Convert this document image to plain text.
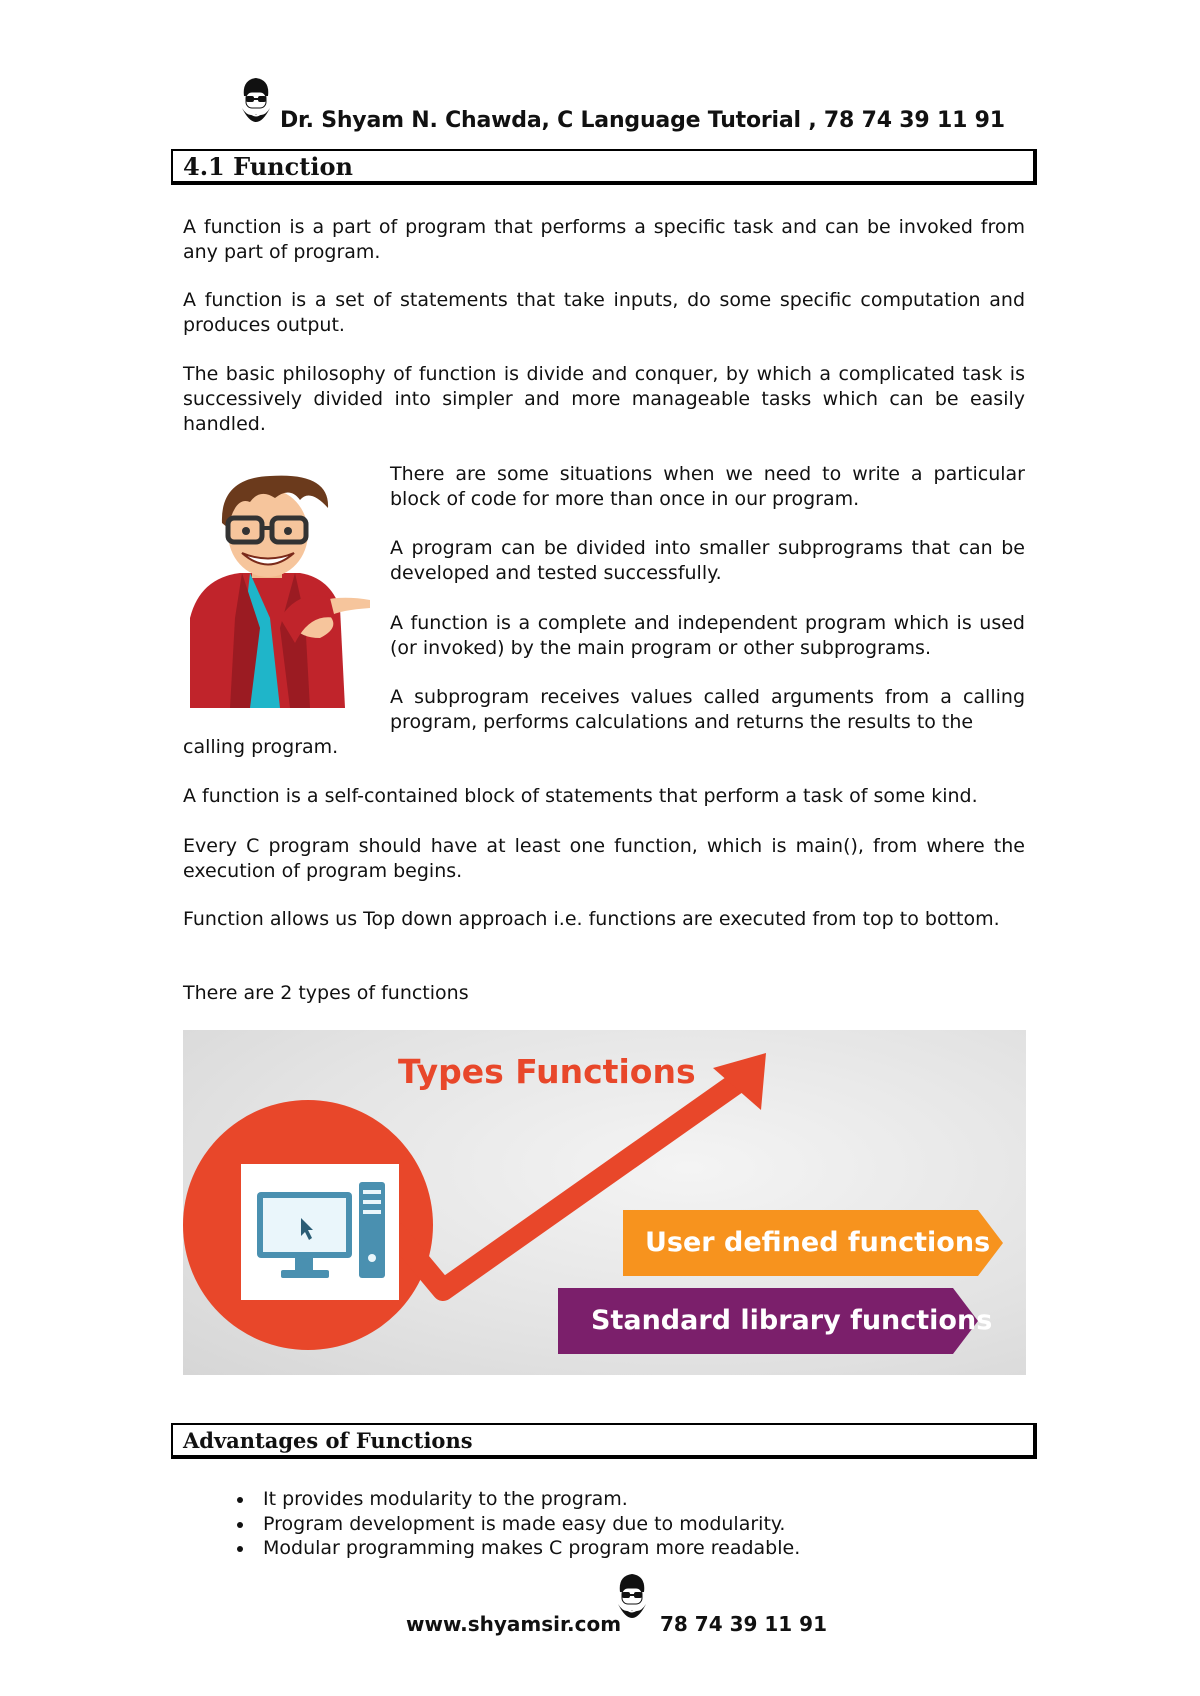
Dr. Shyam N. Chawda, C Language Tutorial , 78 74 39 11 91
4.1 Function

A function is a part of program that performs a specific task and can be invoked from any part of program.

A function is a set of statements that take inputs, do some specific computation and produces output.

The basic philosophy of function is divide and conquer, by which a complicated task is successively divided into simpler and more manageable tasks which can be easily handled.

There are some situations when we need to write a particular block of code for more than once in our program.

A program can be divided into smaller subprograms that can be developed and tested successfully.

A function is a complete and independent program which is used (or invoked) by the main program or other subprograms.

A subprogram receives values called arguments from a calling program, performs calculations and returns the results to the

calling program.

A function is a self-contained block of statements that perform a task of some kind.

Every C program should have at least one function, which is main(), from where the execution of program begins.

Function allows us Top down approach i.e. functions are executed from top to bottom.

There are 2 types of functions

Types Functions
User defined functions
Standard library functions
Advantages of Functions
• It provides modularity to the program.
• Program development is made easy due to modularity.
• Modular programming makes C program more readable.
www.shyamsir.com 78 74 39 11 91
